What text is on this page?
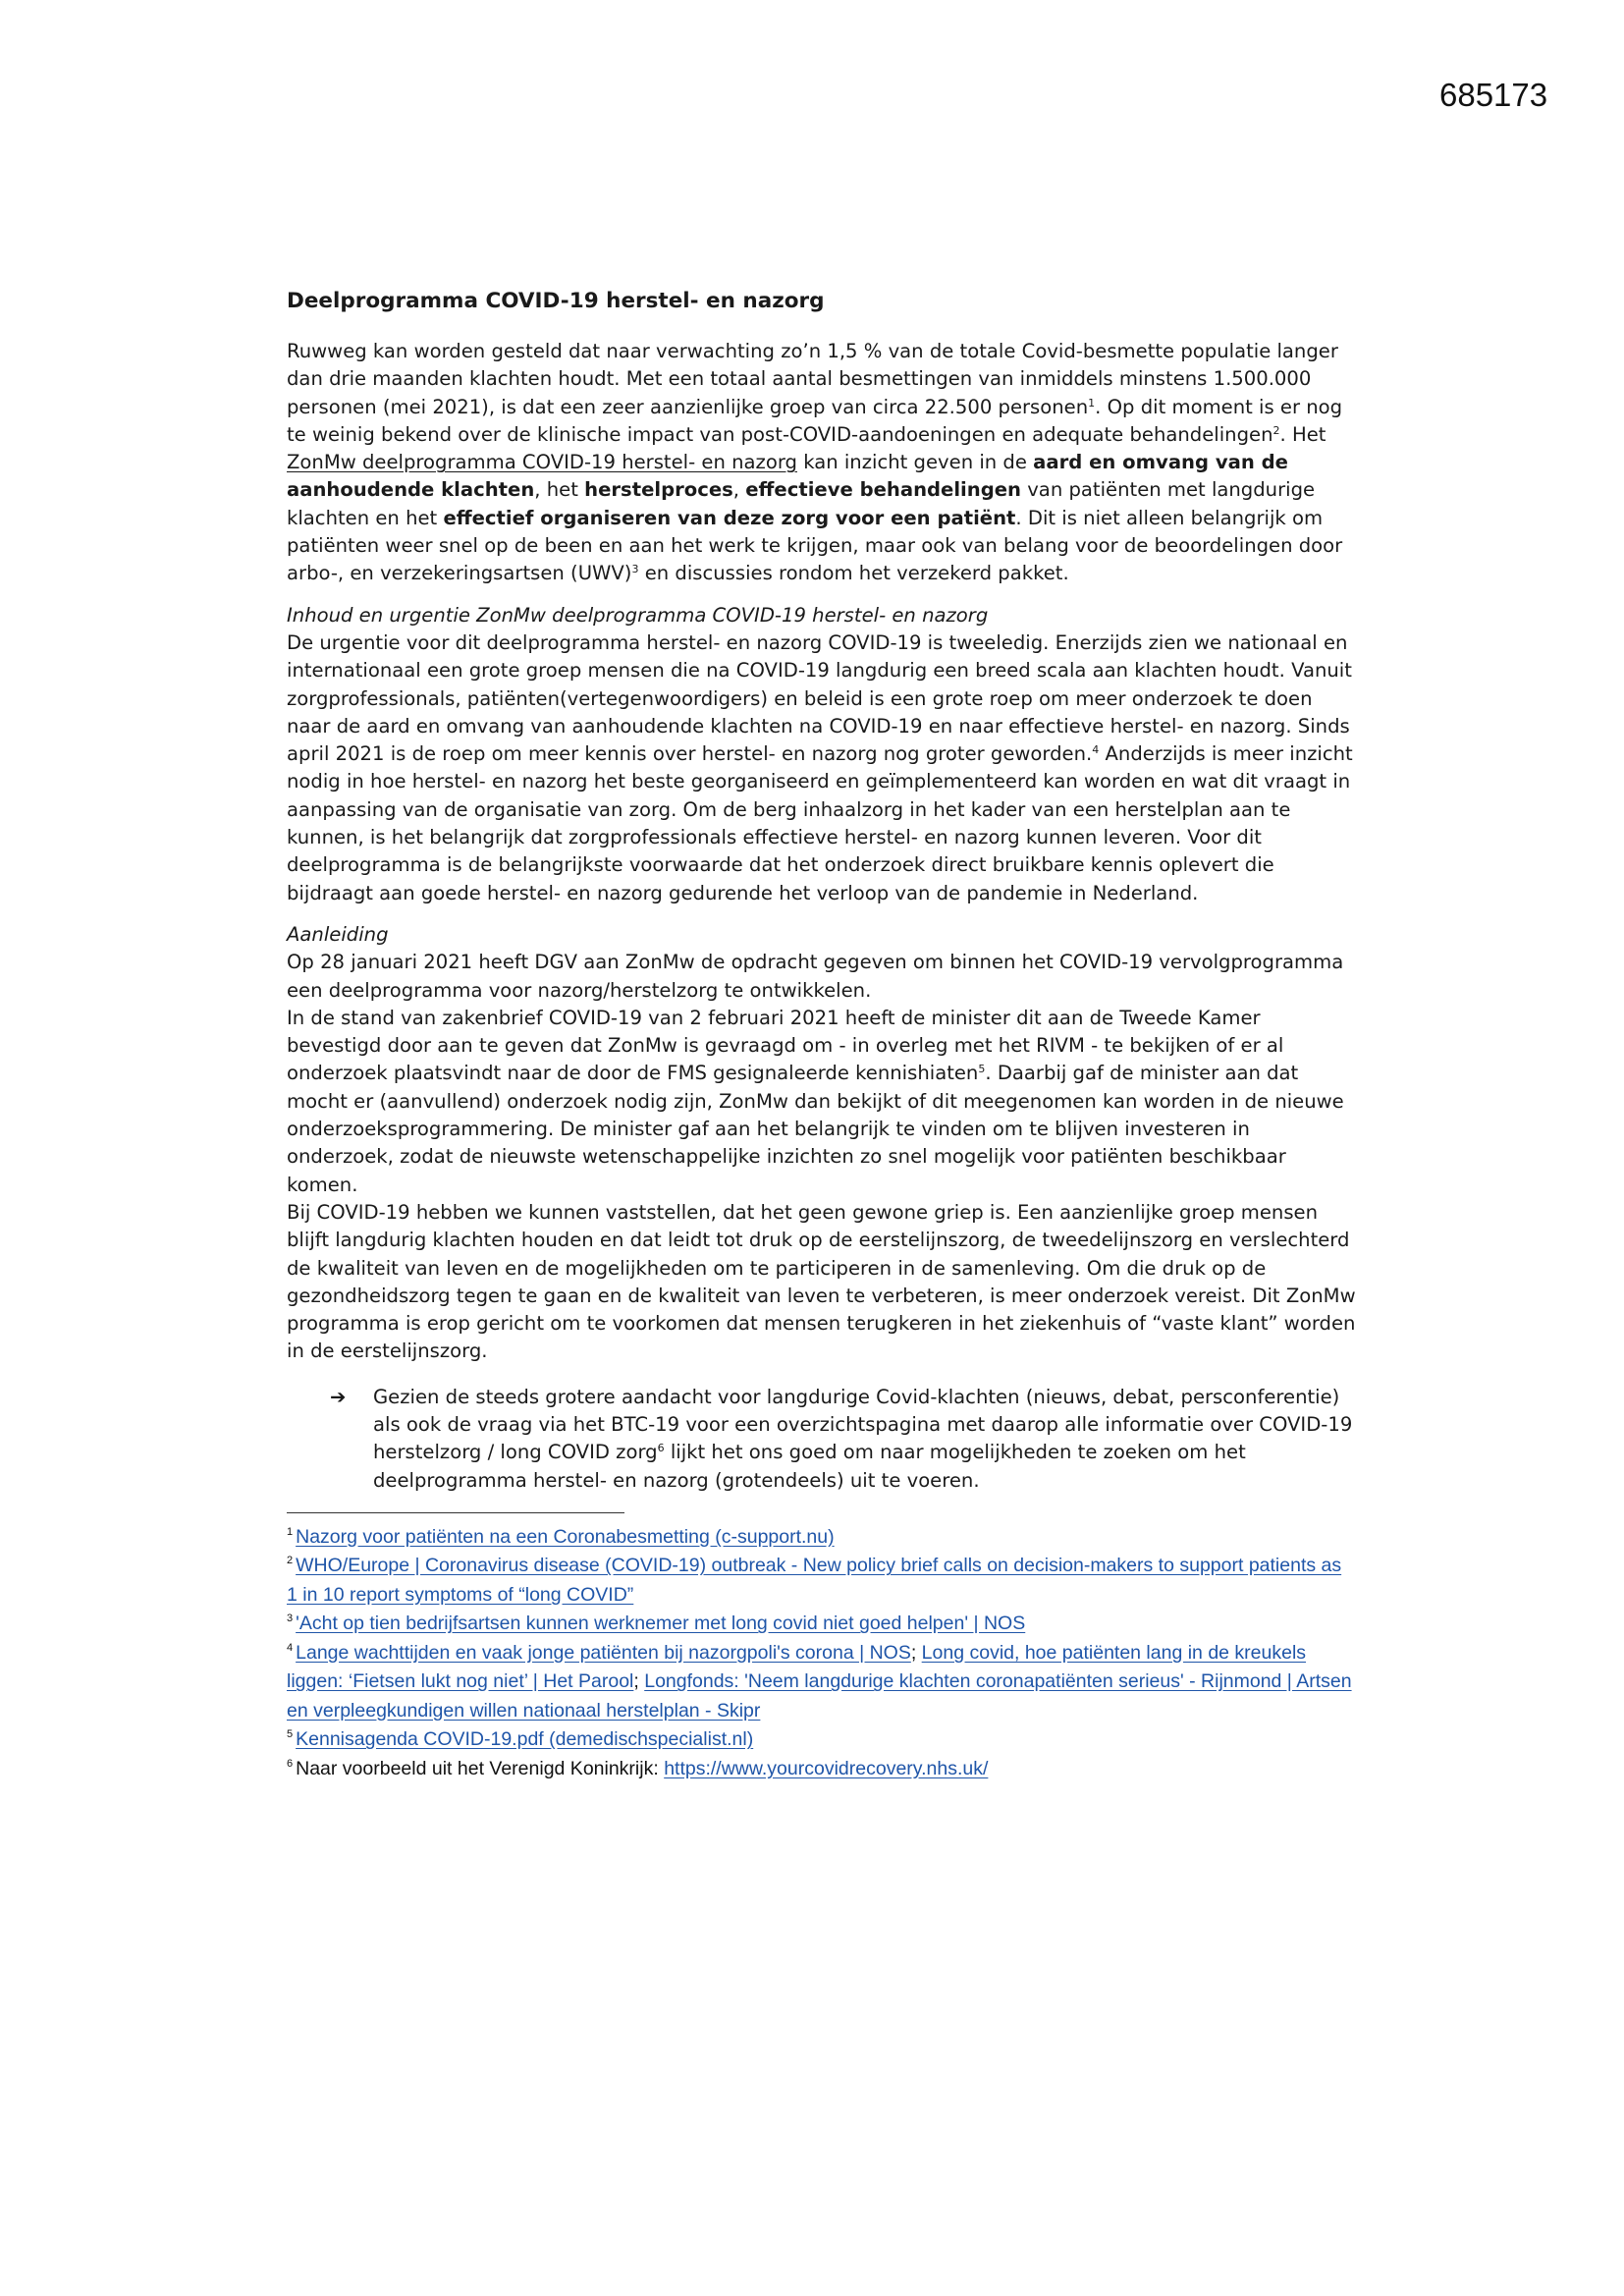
685173
Deelprogramma COVID-19 herstel- en nazorg

Ruwweg kan worden gesteld dat naar verwachting zo’n 1,5 % van de totale Covid-besmette populatie langer dan drie maanden klachten houdt. Met een totaal aantal besmettingen van inmiddels minstens 1.500.000 personen (mei 2021), is dat een zeer aanzienlijke groep van circa 22.500 personen$^1$. Op dit moment is er nog te weinig bekend over de klinische impact van post-COVID-aandoeningen en adequate behandelingen$^2$. Het ZonMw deelprogramma COVID-19 herstel- en nazorg kan inzicht geven in de aard en omvang van de aanhoudende klachten, het herstelproces, effectieve behandelingen van patiënten met langdurige klachten en het effectief organiseren van deze zorg voor een patiënt. Dit is niet alleen belangrijk om patiënten weer snel op de been en aan het werk te krijgen, maar ook van belang voor de beoordelingen door arbo-, en verzekeringsartsen (UWV)$^3$ en discussies rondom het verzekerd pakket.

Inhoud en urgentie ZonMw deelprogramma COVID-19 herstel- en nazorg

De urgentie voor dit deelprogramma herstel- en nazorg COVID-19 is tweeledig. Enerzijds zien we nationaal en internationaal een grote groep mensen die na COVID-19 langdurig een breed scala aan klachten houdt. Vanuit zorgprofessionals, patiënten(vertegenwoordigers) en beleid is een grote roep om meer onderzoek te doen naar de aard en omvang van aanhoudende klachten na COVID-19 en naar effectieve herstel- en nazorg. Sinds april 2021 is de roep om meer kennis over herstel- en nazorg nog groter geworden.$^4$ Anderzijds is meer inzicht nodig in hoe herstel- en nazorg het beste georganiseerd en geïmplementeerd kan worden en wat dit vraagt in aanpassing van de organisatie van zorg. Om de berg inhaalzorg in het kader van een herstelplan aan te kunnen, is het belangrijk dat zorgprofessionals effectieve herstel- en nazorg kunnen leveren. Voor dit deelprogramma is de belangrijkste voorwaarde dat het onderzoek direct bruikbare kennis oplevert die bijdraagt aan goede herstel- en nazorg gedurende het verloop van de pandemie in Nederland.

Aanleiding

Op 28 januari 2021 heeft DGV aan ZonMw de opdracht gegeven om binnen het COVID-19 vervolgprogramma een deelprogramma voor nazorg/herstelzorg te ontwikkelen.

In de stand van zakenbrief COVID-19 van 2 februari 2021 heeft de minister dit aan de Tweede Kamer bevestigd door aan te geven dat ZonMw is gevraagd om - in overleg met het RIVM - te bekijken of er al onderzoek plaatsvindt naar de door de FMS gesignaleerde kennishiaten$^5$. Daarbij gaf de minister aan dat mocht er (aanvullend) onderzoek nodig zijn, ZonMw dan bekijkt of dit meegenomen kan worden in de nieuwe onderzoeksprogrammering. De minister gaf aan het belangrijk te vinden om te blijven investeren in onderzoek, zodat de nieuwste wetenschappelijke inzichten zo snel mogelijk voor patiënten beschikbaar komen.

Bij COVID-19 hebben we kunnen vaststellen, dat het geen gewone griep is. Een aanzienlijke groep mensen blijft langdurig klachten houden en dat leidt tot druk op de eerstelijnszorg, de tweedelijnszorg en verslechterd de kwaliteit van leven en de mogelijkheden om te participeren in de samenleving. Om die druk op de gezondheidszorg tegen te gaan en de kwaliteit van leven te verbeteren, is meer onderzoek vereist. Dit ZonMw programma is erop gericht om te voorkomen dat mensen terugkeren in het ziekenhuis of “vaste klant” worden in de eerstelijnszorg.

➔	Gezien de steeds grotere aandacht voor langdurige Covid-klachten (nieuws, debat, persconferentie) als ook de vraag via het BTC-19 voor een overzichtspagina met daarop alle informatie over COVID-19 herstelzorg / long COVID zorg$^6$ lijkt het ons goed om naar mogelijkheden te zoeken om het deelprogramma herstel- en nazorg (grotendeels) uit te voeren.

$^1$ Nazorg voor patiënten na een Coronabesmetting (c-support.nu)
$^2$ WHO/Europe | Coronavirus disease (COVID-19) outbreak - New policy brief calls on decision-makers to support patients as 1 in 10 report symptoms of “long COVID”
$^3$ 'Acht op tien bedrijfsartsen kunnen werknemer met long covid niet goed helpen' | NOS
$^4$ Lange wachttijden en vaak jonge patiënten bij nazorgpoli's corona | NOS; Long covid, hoe patiënten lang in de kreukels liggen: ‘Fietsen lukt nog niet’ | Het Parool; Longfonds: 'Neem langdurige klachten coronapatiënten serieus' - Rijnmond | Artsen en verpleegkundigen willen nationaal herstelplan - Skipr
$^5$ Kennisagenda COVID-19.pdf (demedischspecialist.nl)
$^6$ Naar voorbeeld uit het Verenigd Koninkrijk: https://www.yourcovidrecovery.nhs.uk/
